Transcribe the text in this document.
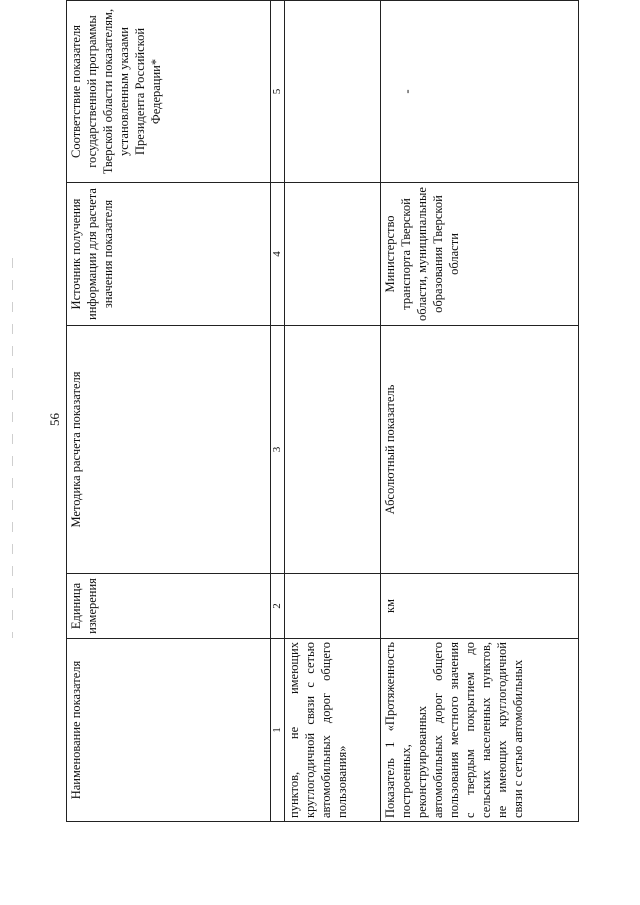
56
Наименование показателя	Единица измерения	Методика расчета показателя	Источник получения информации для расчета значения показателя	Соответствие показателя государственной программы Тверской области показателям, установленным указами Президента Российской Федерации*
1	2	3	4	5
пунктов, не имеющих круглогодичной связи с сетью автомобильных дорог общего пользования»				
Показатель 1 «Протяженность построенных, реконструированных автомобильных дорог общего пользования местного значения с твердым покрытием до сельских населенных пунктов, не имеющих круглогодичной связи с сетью автомобильных	км	Абсолютный показатель	Министерство транспорта Тверской области, муниципальные образования Тверской области	-
